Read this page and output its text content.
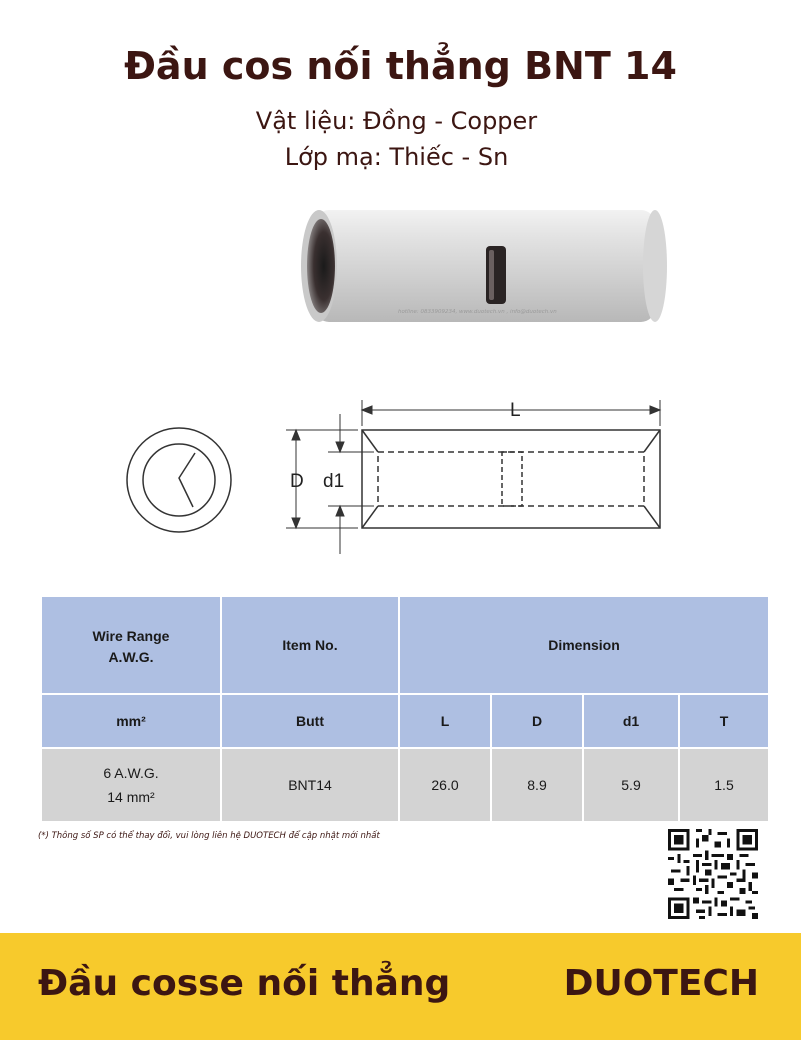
Đầu cos nối thẳng BNT 14
Vật liệu: Đồng - Copper
Lớp mạ: Thiếc - Sn
hotline: 0833909234, www.duotech.vn , info@duotech.vn
L
D d1
Wire Range
A.W.G.	Item No.	Dimension			
mm²	Butt	L	D	d1	T

6 A.W.G.
14 mm²	BNT14	26.0	8.9	5.9	1.5
(*) Thông số SP có thể thay đổi, vui lòng liên hệ DUOTECH để cập nhật mới nhất
Đầu cosse nối thẳng	DUOTECH
